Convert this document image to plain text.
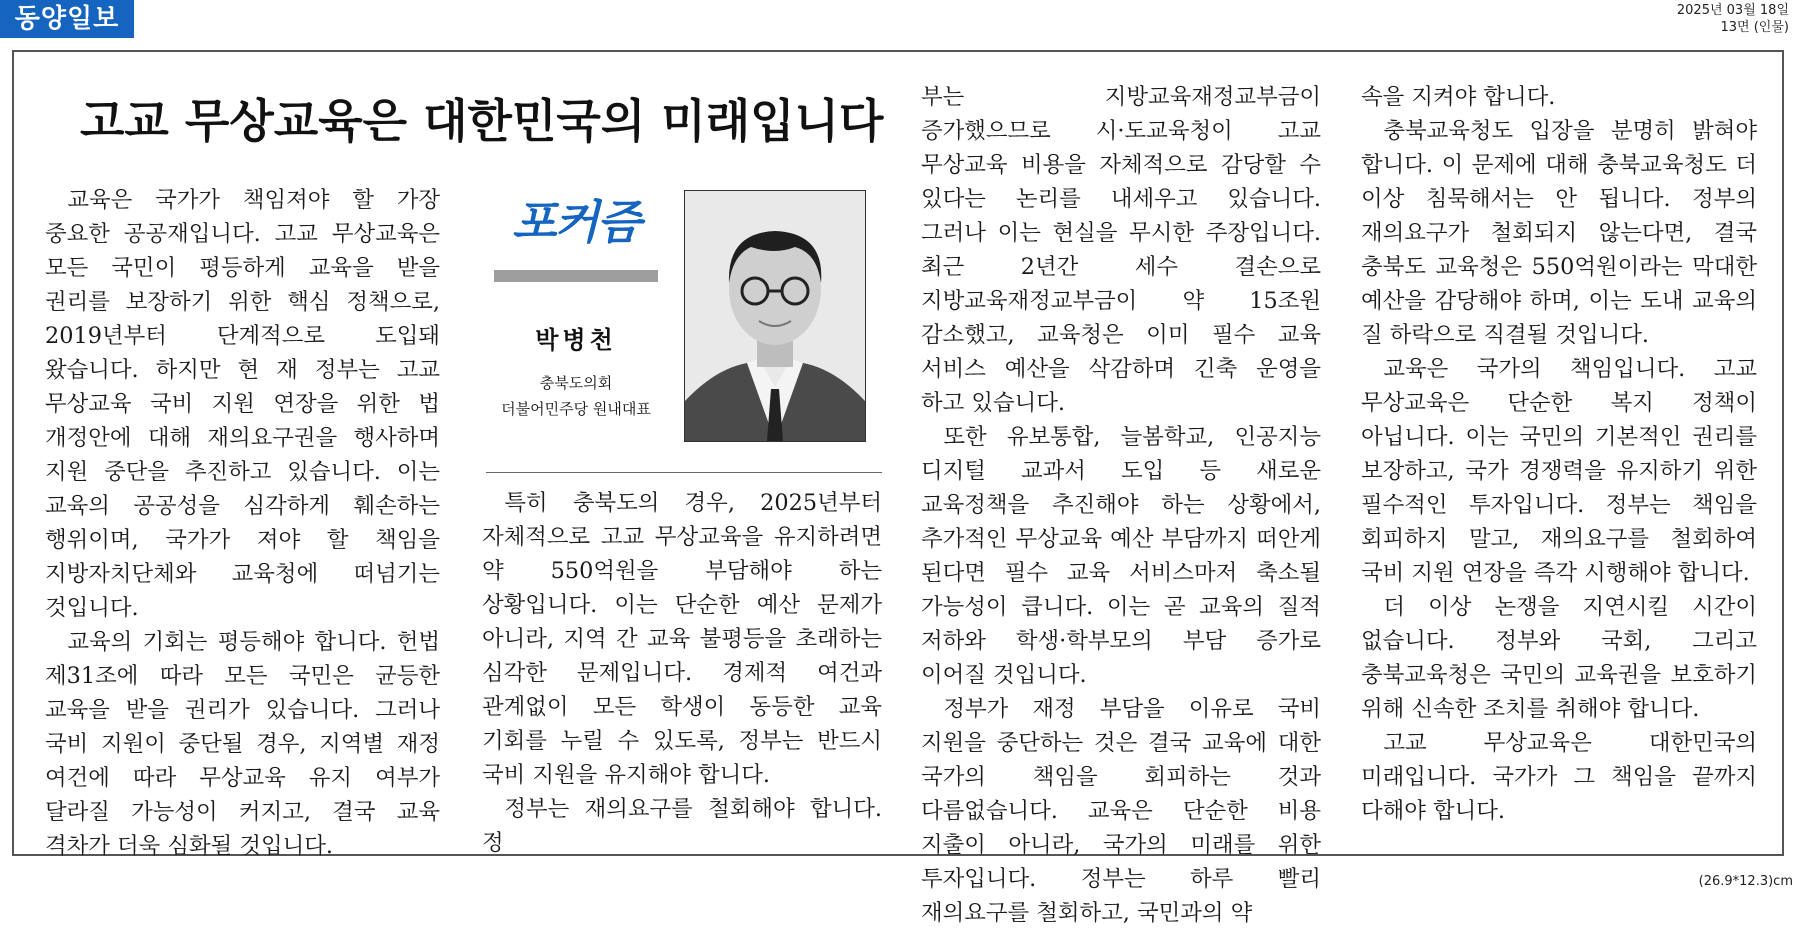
동양일보	2025년 03월 18일
13면 (인물)
고교 무상교육은 대한민국의 미래입니다

교육은 국가가 책임져야 할 가장 중요한 공공재입니다. 고교 무상교육은 모든 국민이 평등하게 교육을 받을 권리를 보장하기 위한 핵심 정책으로, 2019년부터 단계적으로 도입돼 왔습니다. 하지만 현 재 정부는 고교 무상교육 국비 지원 연장을 위한 법 개정안에 대해 재의요구권을 행사하며 지원 중단을 추진하고 있습니다. 이는 교육의 공공성을 심각하게 훼손하는 행위이며, 국가가 져야 할 책임을 지방자치단체와 교육청에 떠넘기는 것입니다.

교육의 기회는 평등해야 합니다. 헌법 제31조에 따라 모든 국민은 균등한 교육을 받을 권리가 있습니다. 그러나 국비 지원이 중단될 경우, 지역별 재정 여건에 따라 무상교육 유지 여부가 달라질 가능성이 커지고, 결국 교육 격차가 더욱 심화될 것입니다.

포커즘
박병천
충북도의회
더불어민주당 원내대표

특히 충북도의 경우, 2025년부터 자체적으로 고교 무상교육을 유지하려면 약 550억원을 부담해야 하는 상황입니다. 이는 단순한 예산 문제가 아니라, 지역 간 교육 불평등을 초래하는 심각한 문제입니다. 경제적 여건과 관계없이 모든 학생이 동등한 교육 기회를 누릴 수 있도록, 정부는 반드시 국비 지원을 유지해야 합니다.

정부는 재의요구를 철회해야 합니다. 정

부는 지방교육재정교부금이 증가했으므로 시·도교육청이 고교 무상교육 비용을 자체적으로 감당할 수 있다는 논리를 내세우고 있습니다. 그러나 이는 현실을 무시한 주장입니다. 최근 2년간 세수 결손으로 지방교육재정교부금이 약 15조원 감소했고, 교육청은 이미 필수 교육 서비스 예산을 삭감하며 긴축 운영을 하고 있습니다.

또한 유보통합, 늘봄학교, 인공지능 디지털 교과서 도입 등 새로운 교육정책을 추진해야 하는 상황에서, 추가적인 무상교육 예산 부담까지 떠안게 된다면 필수 교육 서비스마저 축소될 가능성이 큽니다. 이는 곧 교육의 질적 저하와 학생·학부모의 부담 증가로 이어질 것입니다.

정부가 재정 부담을 이유로 국비 지원을 중단하는 것은 결국 교육에 대한 국가의 책임을 회피하는 것과 다름없습니다. 교육은 단순한 비용 지출이 아니라, 국가의 미래를 위한 투자입니다. 정부는 하루 빨리 재의요구를 철회하고, 국민과의 약

속을 지켜야 합니다.

충북교육청도 입장을 분명히 밝혀야 합니다. 이 문제에 대해 충북교육청도 더 이상 침묵해서는 안 됩니다. 정부의 재의요구가 철회되지 않는다면, 결국 충북도 교육청은 550억원이라는 막대한 예산을 감당해야 하며, 이는 도내 교육의 질 하락으로 직결될 것입니다.

교육은 국가의 책임입니다. 고교 무상교육은 단순한 복지 정책이 아닙니다. 이는 국민의 기본적인 권리를 보장하고, 국가 경쟁력을 유지하기 위한 필수적인 투자입니다. 정부는 책임을 회피하지 말고, 재의요구를 철회하여 국비 지원 연장을 즉각 시행해야 합니다.

더 이상 논쟁을 지연시킬 시간이 없습니다. 정부와 국회, 그리고 충북교육청은 국민의 교육권을 보호하기 위해 신속한 조치를 취해야 합니다.

고교 무상교육은 대한민국의 미래입니다. 국가가 그 책임을 끝까지 다해야 합니다.

(26.9*12.3)cm
